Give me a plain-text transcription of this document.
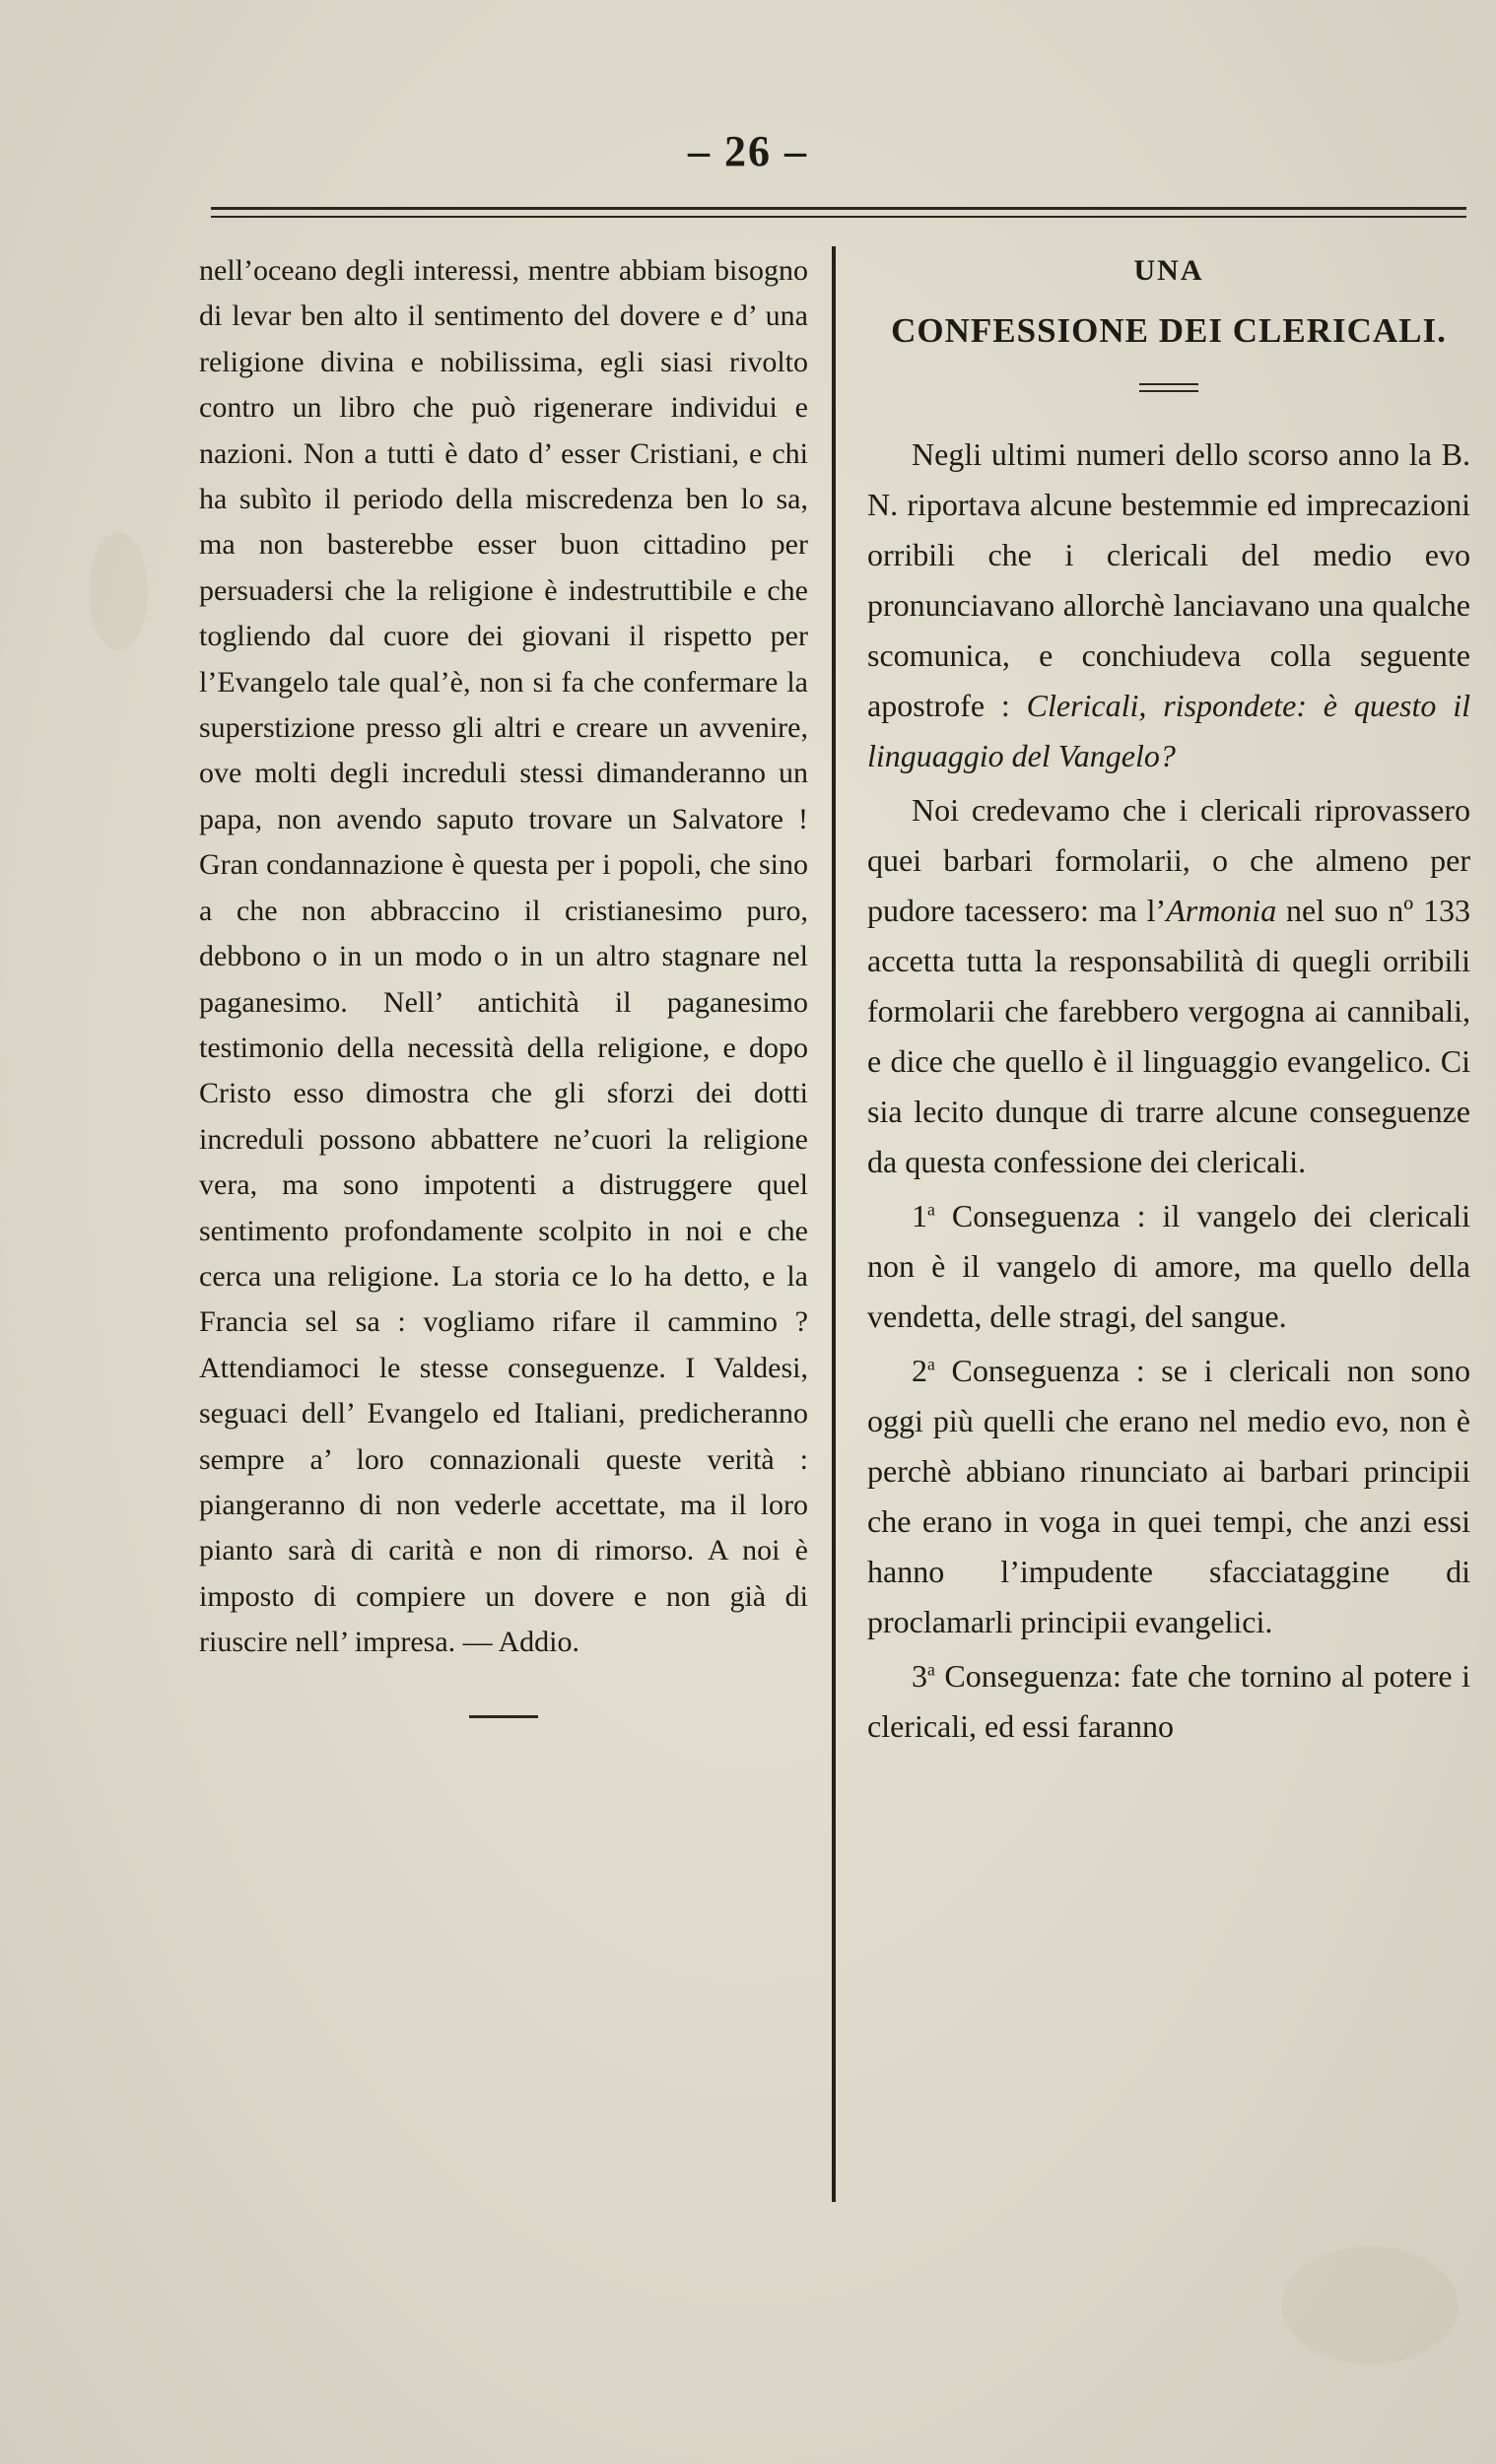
– 26 –

nell’oceano degli interessi, mentre abbiam bisogno di levar ben alto il sentimento del dovere e d’ una religione divina e nobilissima, egli siasi rivolto contro un libro che può rigenerare individui e nazioni. Non a tutti è dato d’ esser Cristiani, e chi ha subìto il periodo della miscredenza ben lo sa, ma non basterebbe esser buon cittadino per persuadersi che la religione è indestruttibile e che togliendo dal cuore dei giovani il rispetto per l’Evangelo tale qual’è, non si fa che confermare la superstizione presso gli altri e creare un avvenire, ove molti degli increduli stessi dimanderanno un papa, non avendo saputo trovare un Salvatore ! Gran condannazione è questa per i popoli, che sino a che non abbraccino il cristianesimo puro, debbono o in un modo o in un altro stagnare nel paganesimo. Nell’ antichità il paganesimo testimonio della necessità della religione, e dopo Cristo esso dimostra che gli sforzi dei dotti increduli possono abbattere ne’cuori la religione vera, ma sono impotenti a distruggere quel sentimento profondamente scolpito in noi e che cerca una religione. La storia ce lo ha detto, e la Francia sel sa : vogliamo rifare il cammino ? Attendiamoci le stesse conseguenze. I Valdesi, seguaci dell’ Evangelo ed Italiani, predicheranno sempre a’ loro connazionali queste verità : piangeranno di non vederle accettate, ma il loro pianto sarà di carità e non di rimorso. A noi è imposto di compiere un dovere e non già di riuscire nell’ impresa. — Addio.

UNA
CONFESSIONE DEI CLERICALI.

Negli ultimi numeri dello scorso anno la B. N. riportava alcune bestemmie ed imprecazioni orribili che i clericali del medio evo pronunciavano allorchè lanciavano una qualche scomunica, e conchiudeva colla seguente apostrofe : Clericali, rispondete: è questo il linguaggio del Vangelo?

Noi credevamo che i clericali riprovassero quei barbari formolarii, o che almeno per pudore tacessero: ma l’Armonia nel suo nº 133 accetta tutta la responsabilità di quegli orribili formolarii che farebbero vergogna ai cannibali, e dice che quello è il linguaggio evangelico. Ci sia lecito dunque di trarre alcune conseguenze da questa confessione dei clericali.

1$^a$ Conseguenza : il vangelo dei clericali non è il vangelo di amore, ma quello della vendetta, delle stragi, del sangue.

2$^a$ Conseguenza : se i clericali non sono oggi più quelli che erano nel medio evo, non è perchè abbiano rinunciato ai barbari principii che erano in voga in quei tempi, che anzi essi hanno l’impudente sfacciataggine di proclamarli principii evangelici.

3$^a$ Conseguenza: fate che tornino al potere i clericali, ed essi faranno
